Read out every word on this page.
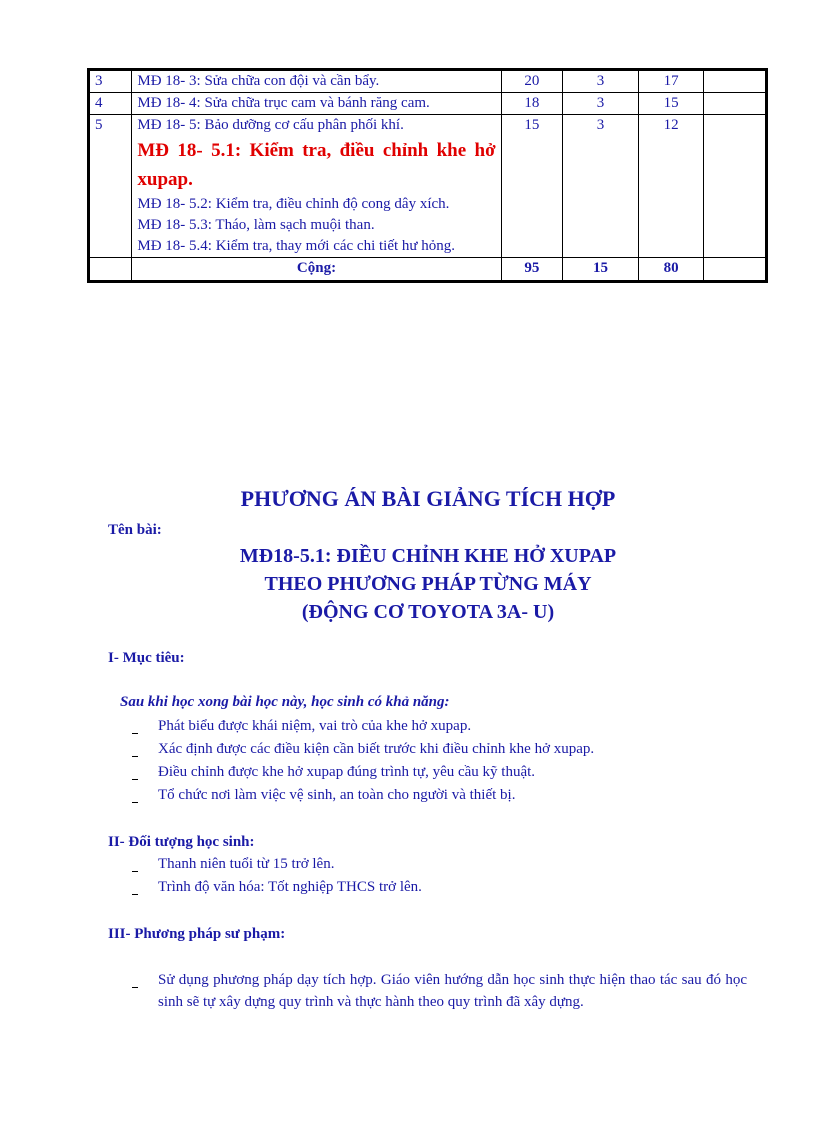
3	MĐ 18- 3: Sửa chữa con đội và cần bẩy.	20	3	17	
4	MĐ 18- 4: Sửa chữa trục cam và bánh răng cam.	18	3	15	
5	MĐ 18- 5: Bảo dưỡng cơ cấu phân phối khí.

MĐ 18- 5.1: Kiểm tra, điều chỉnh khe hở xupap.

MĐ 18- 5.2: Kiểm tra, điều chỉnh độ cong dây xích.

MĐ 18- 5.3: Tháo, làm sạch muội than.

MĐ 18- 5.4: Kiểm tra, thay mới các chi tiết hư hỏng.	15	3	12	
	Cộng:	95	15	80	
PHƯƠNG ÁN BÀI GIẢNG TÍCH HỢP
Tên bài:
MĐ18-5.1: ĐIỀU CHỈNH KHE HỞ XUPAP
THEO PHƯƠNG PHÁP TỪNG MÁY
(ĐỘNG CƠ TOYOTA 3A- U)
I- Mục tiêu:
Sau khi học xong bài học này, học sinh có khả năng:
Phát biểu được khái niệm, vai trò của khe hở xupap.
Xác định được các điều kiện cần biết trước khi điều chỉnh khe hở xupap.
Điều chỉnh được khe hở xupap đúng trình tự, yêu cầu kỹ thuật.
Tổ chức nơi làm việc vệ sinh, an toàn cho người và thiết bị.
II- Đối tượng học sinh:
Thanh niên tuổi từ 15 trở lên.
Trình độ văn hóa: Tốt nghiệp THCS trở lên.
III- Phương pháp sư phạm:
Sử dụng phương pháp dạy tích hợp. Giáo viên hướng dẫn học sinh thực hiện thao tác sau đó học sinh sẽ tự xây dựng quy trình và thực hành theo quy trình đã xây dựng.
